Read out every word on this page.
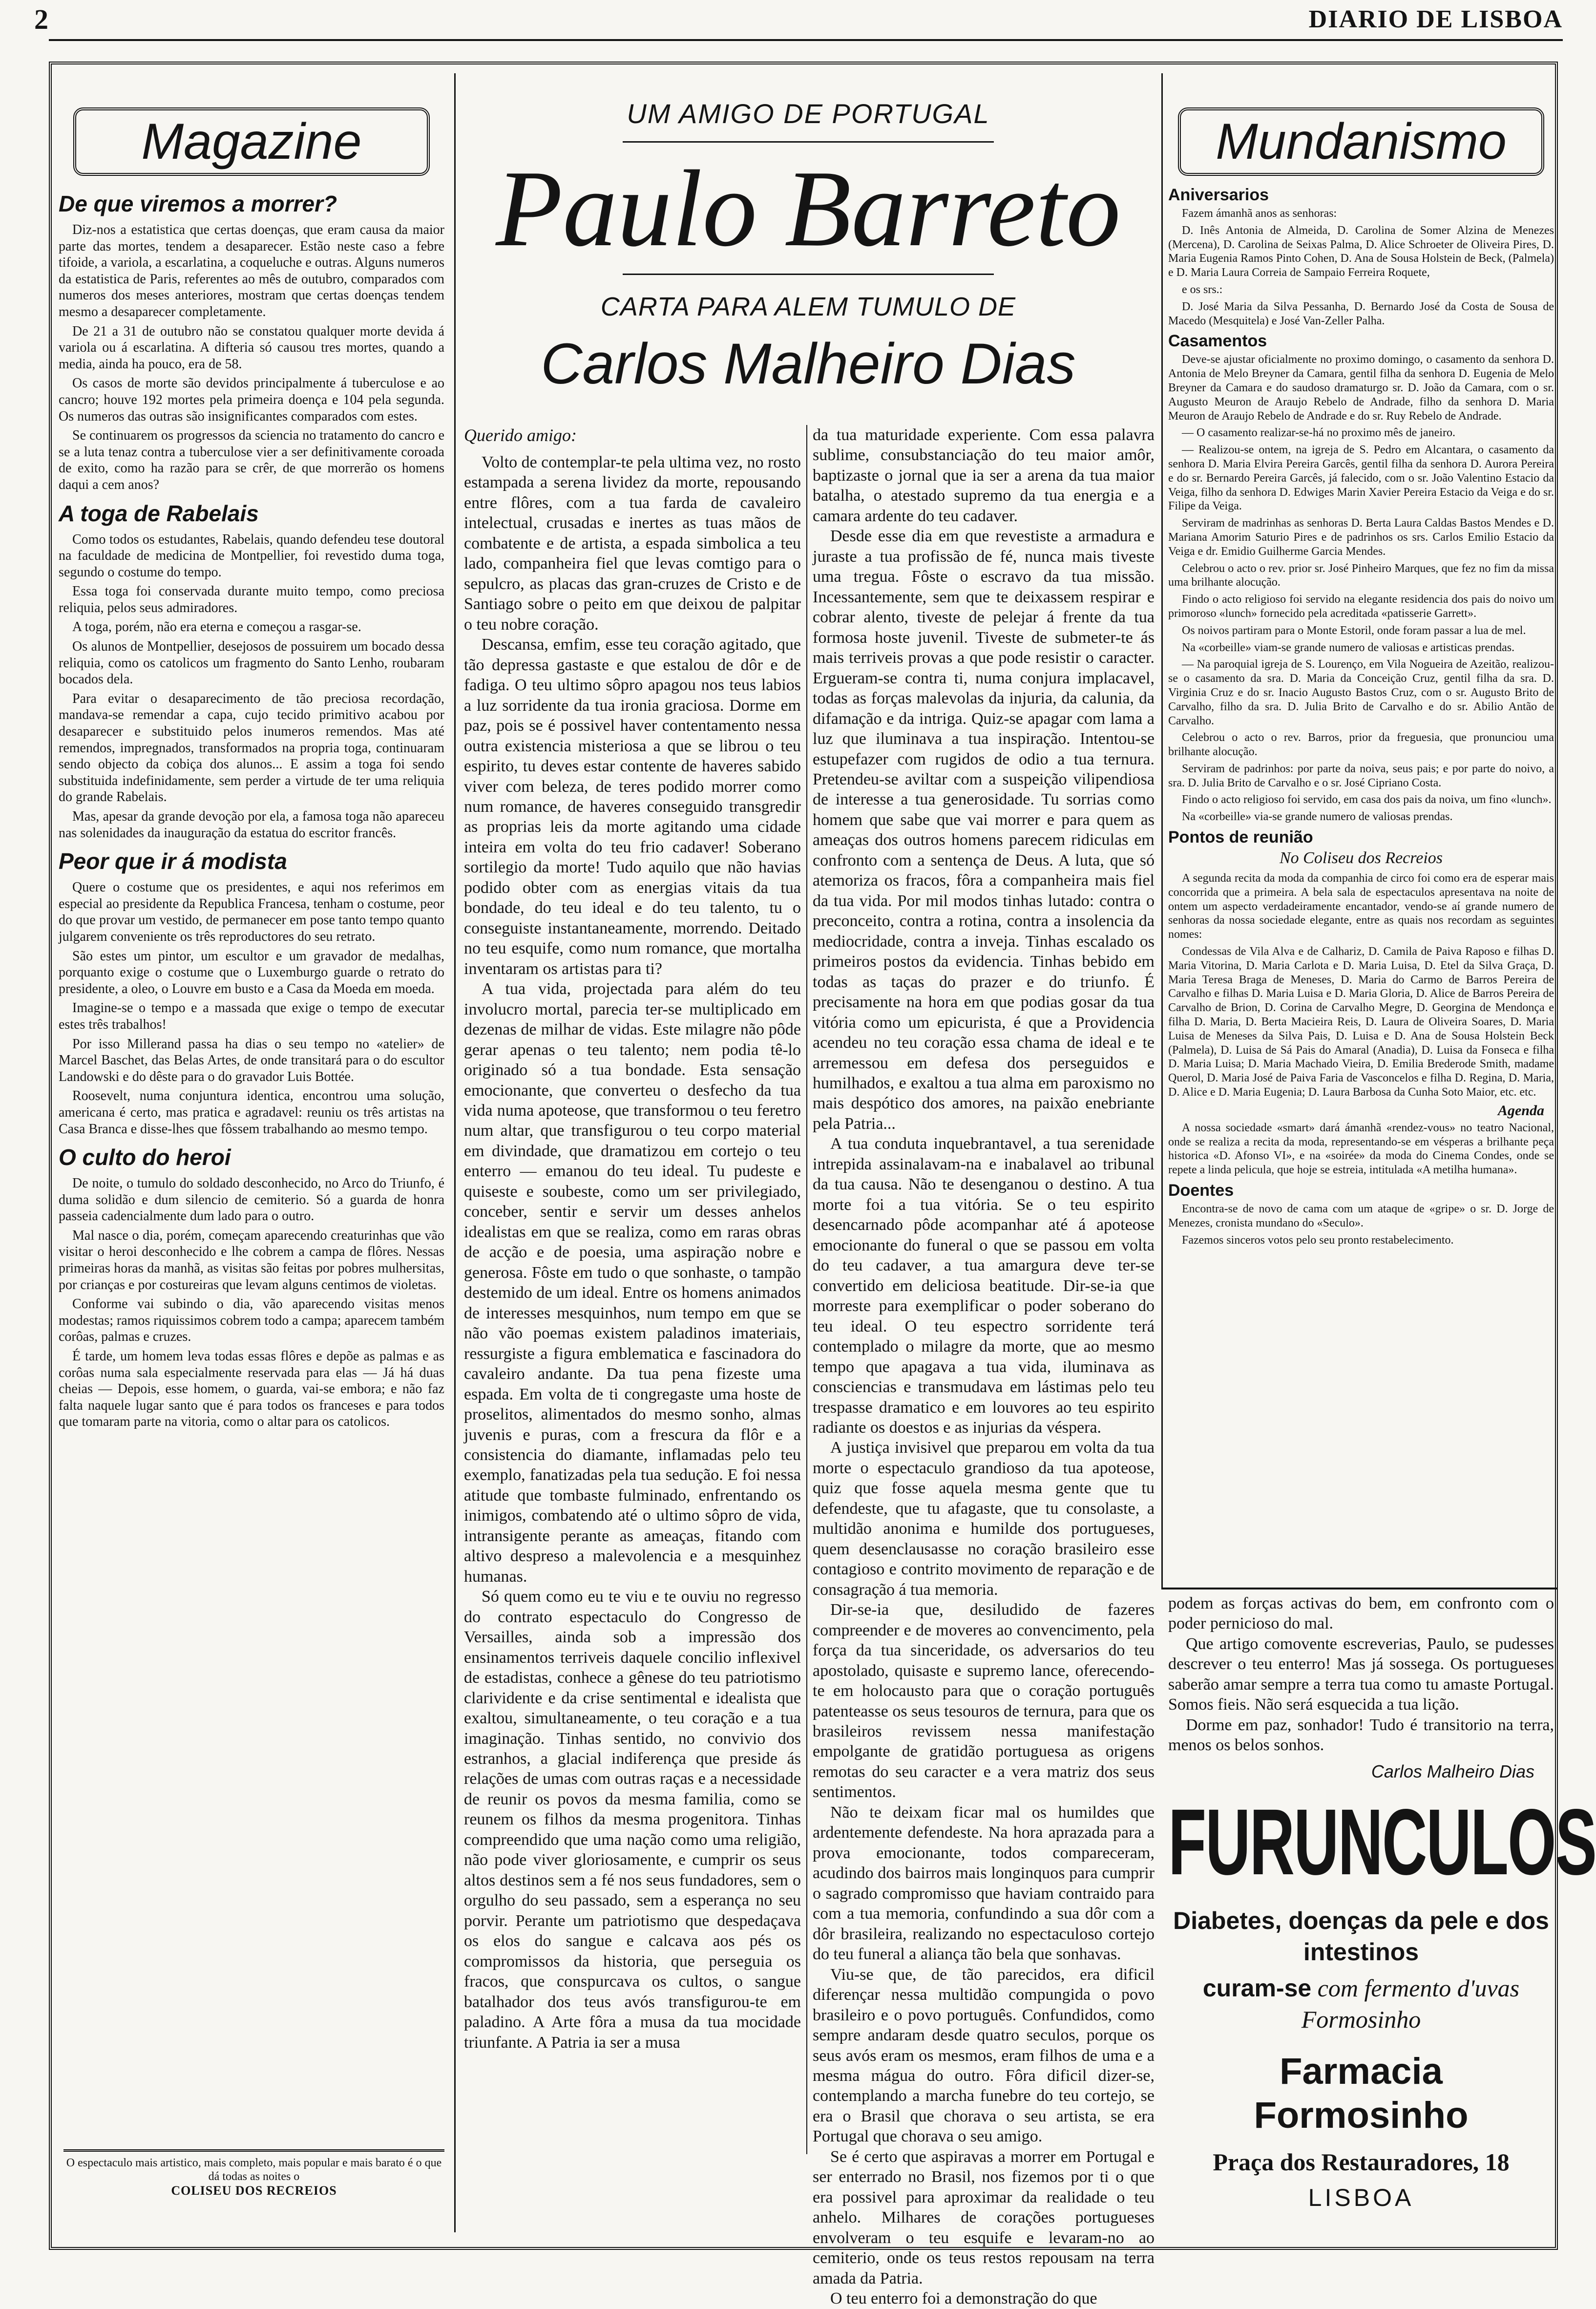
2	DIARIO DE LISBOA
Magazine
De que viremos a morrer?

Diz-nos a estatistica que certas doenças, que eram causa da maior parte das mortes, tendem a desaparecer. Estão neste caso a febre tifoide, a variola, a escarlatina, a coqueluche e outras. Alguns numeros da estatistica de Paris, referentes ao mês de outubro, comparados com numeros dos meses anteriores, mostram que certas doenças tendem mesmo a desaparecer completamente.

De 21 a 31 de outubro não se constatou qualquer morte devida á variola ou á escarlatina. A difteria só causou tres mortes, quando a media, ainda ha pouco, era de 58.

Os casos de morte são devidos principalmente á tuberculose e ao cancro; houve 192 mortes pela primeira doença e 104 pela segunda. Os numeros das outras são insignificantes comparados com estes.

Se continuarem os progressos da sciencia no tratamento do cancro e se a luta tenaz contra a tuberculose vier a ser definitivamente coroada de exito, como ha razão para se crêr, de que morrerão os homens daqui a cem anos?

A toga de Rabelais

Como todos os estudantes, Rabelais, quando defendeu tese doutoral na faculdade de medicina de Montpellier, foi revestido duma toga, segundo o costume do tempo.

Essa toga foi conservada durante muito tempo, como preciosa reliquia, pelos seus admiradores.

A toga, porém, não era eterna e começou a rasgar-se.

Os alunos de Montpellier, desejosos de possuirem um bocado dessa reliquia, como os catolicos um fragmento do Santo Lenho, roubaram bocados dela.

Para evitar o desaparecimento de tão preciosa recordação, mandava-se remendar a capa, cujo tecido primitivo acabou por desaparecer e substituido pelos inumeros remendos. Mas até remendos, impregnados, transformados na propria toga, continuaram sendo objecto da cobiça dos alunos... E assim a toga foi sendo substituida indefinidamente, sem perder a virtude de ter uma reliquia do grande Rabelais.

Mas, apesar da grande devoção por ela, a famosa toga não apareceu nas solenidades da inauguração da estatua do escritor francês.

Peor que ir á modista

Quere o costume que os presidentes, e aqui nos referimos em especial ao presidente da Republica Francesa, tenham o costume, peor do que provar um vestido, de permanecer em pose tanto tempo quanto julgarem conveniente os três reproductores do seu retrato.

São estes um pintor, um escultor e um gravador de medalhas, porquanto exige o costume que o Luxemburgo guarde o retrato do presidente, a oleo, o Louvre em busto e a Casa da Moeda em moeda.

Imagine-se o tempo e a massada que exige o tempo de executar estes três trabalhos!

Por isso Millerand passa ha dias o seu tempo no «atelier» de Marcel Baschet, das Belas Artes, de onde transitará para o do escultor Landowski e do dêste para o do gravador Luis Bottée.

Roosevelt, numa conjuntura identica, encontrou uma solução, americana é certo, mas pratica e agradavel: reuniu os três artistas na Casa Branca e disse-lhes que fôssem trabalhando ao mesmo tempo.

O culto do heroi

De noite, o tumulo do soldado desconhecido, no Arco do Triunfo, é duma solidão e dum silencio de cemiterio. Só a guarda de honra passeia cadencialmente dum lado para o outro.

Mal nasce o dia, porém, começam aparecendo creaturinhas que vão visitar o heroi desconhecido e lhe cobrem a campa de flôres. Nessas primeiras horas da manhã, as visitas são feitas por pobres mulhersitas, por crianças e por costureiras que levam alguns centimos de violetas.

Conforme vai subindo o dia, vão aparecendo visitas menos modestas; ramos riquissimos cobrem todo a campa; aparecem também corôas, palmas e cruzes.

É tarde, um homem leva todas essas flôres e depõe as palmas e as corôas numa sala especialmente reservada para elas — Já há duas cheias — Depois, esse homem, o guarda, vai-se embora; e não faz falta naquele lugar santo que é para todos os franceses e para todos que tomaram parte na vitoria, como o altar para os catolicos.

O espectaculo mais artistico, mais completo, mais popular e mais barato é o que dá todas as noites o
COLISEU DOS RECREIOS
UM AMIGO DE PORTUGAL
Paulo Barreto
CARTA PARA ALEM TUMULO DE
Carlos Malheiro Dias
Querido amigo:

Volto de contemplar-te pela ultima vez, no rosto estampada a serena lividez da morte, repousando entre flôres, com a tua farda de cavaleiro intelectual, crusadas e inertes as tuas mãos de combatente e de artista, a espada simbolica a teu lado, companheira fiel que levas comtigo para o sepulcro, as placas das gran-cruzes de Cristo e de Santiago sobre o peito em que deixou de palpitar o teu nobre coração.

Descansa, emfim, esse teu coração agitado, que tão depressa gastaste e que estalou de dôr e de fadiga. O teu ultimo sôpro apagou nos teus labios a luz sorridente da tua ironia graciosa. Dorme em paz, pois se é possivel haver contentamento nessa outra existencia misteriosa a que se librou o teu espirito, tu deves estar contente de haveres sabido viver com beleza, de teres podido morrer como num romance, de haveres conseguido transgredir as proprias leis da morte agitando uma cidade inteira em volta do teu frio cadaver! Soberano sortilegio da morte! Tudo aquilo que não havias podido obter com as energias vitais da tua bondade, do teu ideal e do teu talento, tu o conseguiste instantaneamente, morrendo. Deitado no teu esquife, como num romance, que mortalha inventaram os artistas para ti?

A tua vida, projectada para além do teu involucro mortal, parecia ter-se multiplicado em dezenas de milhar de vidas. Este milagre não pôde gerar apenas o teu talento; nem podia tê-lo originado só a tua bondade. Esta sensação emocionante, que converteu o desfecho da tua vida numa apoteose, que transformou o teu feretro num altar, que transfigurou o teu corpo material em divindade, que dramatizou em cortejo o teu enterro — emanou do teu ideal. Tu pudeste e quiseste e soubeste, como um ser privilegiado, conceber, sentir e servir um desses anhelos idealistas em que se realiza, como em raras obras de acção e de poesia, uma aspiração nobre e generosa. Fôste em tudo o que sonhaste, o tampão destemido de um ideal. Entre os homens animados de interesses mesquinhos, num tempo em que se não vão poemas existem paladinos imateriais, ressurgiste a figura emblematica e fascinadora do cavaleiro andante. Da tua pena fizeste uma espada. Em volta de ti congregaste uma hoste de proselitos, alimentados do mesmo sonho, almas juvenis e puras, com a frescura da flôr e a consistencia do diamante, inflamadas pelo teu exemplo, fanatizadas pela tua sedução. E foi nessa atitude que tombaste fulminado, enfrentando os inimigos, combatendo até o ultimo sôpro de vida, intransigente perante as ameaças, fitando com altivo despreso a malevolencia e a mesquinhez humanas.

Só quem como eu te viu e te ouviu no regresso do contrato espectaculo do Congresso de Versailles, ainda sob a impressão dos ensinamentos terriveis daquele concilio inflexivel de estadistas, conhece a gênese do teu patriotismo clarividente e da crise sentimental e idealista que exaltou, simultaneamente, o teu coração e a tua imaginação. Tinhas sentido, no convivio dos estranhos, a glacial indiferença que preside ás relações de umas com outras raças e a necessidade de reunir os povos da mesma familia, como se reunem os filhos da mesma progenitora. Tinhas compreendido que uma nação como uma religião, não pode viver gloriosamente, e cumprir os seus altos destinos sem a fé nos seus fundadores, sem o orgulho do seu passado, sem a esperança no seu porvir. Perante um patriotismo que despedaçava os elos do sangue e calcava aos pés os compromissos da historia, que perseguia os fracos, que conspurcava os cultos, o sangue batalhador dos teus avós transfigurou-te em paladino. A Arte fôra a musa da tua mocidade triunfante. A Patria ia ser a musa

da tua maturidade experiente. Com essa palavra sublime, consubstanciação do teu maior amôr, baptizaste o jornal que ia ser a arena da tua maior batalha, o atestado supremo da tua energia e a camara ardente do teu cadaver.

Desde esse dia em que revestiste a armadura e juraste a tua profissão de fé, nunca mais tiveste uma tregua. Fôste o escravo da tua missão. Incessantemente, sem que te deixassem respirar e cobrar alento, tiveste de pelejar á frente da tua formosa hoste juvenil. Tiveste de submeter-te ás mais terriveis provas a que pode resistir o caracter. Ergueram-se contra ti, numa conjura implacavel, todas as forças malevolas da injuria, da calunia, da difamação e da intriga. Quiz-se apagar com lama a luz que iluminava a tua inspiração. Intentou-se estupefazer com rugidos de odio a tua ternura. Pretendeu-se aviltar com a suspeição vilipendiosa de interesse a tua generosidade. Tu sorrias como homem que sabe que vai morrer e para quem as ameaças dos outros homens parecem ridiculas em confronto com a sentença de Deus. A luta, que só atemoriza os fracos, fôra a companheira mais fiel da tua vida. Por mil modos tinhas lutado: contra o preconceito, contra a rotina, contra a insolencia da mediocridade, contra a inveja. Tinhas escalado os primeiros postos da evidencia. Tinhas bebido em todas as taças do prazer e do triunfo. É precisamente na hora em que podias gosar da tua vitória como um epicurista, é que a Providencia acendeu no teu coração essa chama de ideal e te arremessou em defesa dos perseguidos e humilhados, e exaltou a tua alma em paroxismo no mais despótico dos amores, na paixão enebriante pela Patria...

A tua conduta inquebrantavel, a tua serenidade intrepida assinalavam-na e inabalavel ao tribunal da tua causa. Não te desenganou o destino. A tua morte foi a tua vitória. Se o teu espirito desencarnado pôde acompanhar até á apoteose emocionante do funeral o que se passou em volta do teu cadaver, a tua amargura deve ter-se convertido em deliciosa beatitude. Dir-se-ia que morreste para exemplificar o poder soberano do teu ideal. O teu espectro sorridente terá contemplado o milagre da morte, que ao mesmo tempo que apagava a tua vida, iluminava as consciencias e transmudava em lástimas pelo teu trespasse dramatico e em louvores ao teu espirito radiante os doestos e as injurias da véspera.

A justiça invisivel que preparou em volta da tua morte o espectaculo grandioso da tua apoteose, quiz que fosse aquela mesma gente que tu defendeste, que tu afagaste, que tu consolaste, a multidão anonima e humilde dos portugueses, quem desenclausasse no coração brasileiro esse contagioso e contrito movimento de reparação e de consagração á tua memoria.

Dir-se-ia que, desiludido de fazeres compreender e de moveres ao convencimento, pela força da tua sinceridade, os adversarios do teu apostolado, quisaste e supremo lance, oferecendo-te em holocausto para que o coração português patenteasse os seus tesouros de ternura, para que os brasileiros revissem nessa manifestação empolgante de gratidão portuguesa as origens remotas do seu caracter e a vera matriz dos seus sentimentos.

Não te deixam ficar mal os humildes que ardentemente defendeste. Na hora aprazada para a prova emocionante, todos compareceram, acudindo dos bairros mais longinquos para cumprir o sagrado compromisso que haviam contraido para com a tua memoria, confundindo a sua dôr com a dôr brasileira, realizando no espectaculoso cortejo do teu funeral a aliança tão bela que sonhavas.

Viu-se que, de tão parecidos, era dificil diferençar nessa multidão compungida o povo brasileiro e o povo português. Confundidos, como sempre andaram desde quatro seculos, porque os seus avós eram os mesmos, eram filhos de uma e a mesma mágua do outro. Fôra dificil dizer-se, contemplando a marcha funebre do teu cortejo, se era o Brasil que chorava o seu artista, se era Portugal que chorava o seu amigo.

Se é certo que aspiravas a morrer em Portugal e ser enterrado no Brasil, nos fizemos por ti o que era possivel para aproximar da realidade o teu anhelo. Milhares de corações portugueses envolveram o teu esquife e levaram-no ao cemiterio, onde os teus restos repousam na terra amada da Patria.

O teu enterro foi a demonstração do que

Mundanismo
Aniversarios

Fazem ámanhã anos as senhoras:

D. Inês Antonia de Almeida, D. Carolina de Somer Alzina de Menezes (Mercena), D. Carolina de Seixas Palma, D. Alice Schroeter de Oliveira Pires, D. Maria Eugenia Ramos Pinto Cohen, D. Ana de Sousa Holstein de Beck, (Palmela) e D. Maria Laura Correia de Sampaio Ferreira Roquete,

e os srs.:

D. José Maria da Silva Pessanha, D. Bernardo José da Costa de Sousa de Macedo (Mesquitela) e José Van-Zeller Palha.

Casamentos

Deve-se ajustar oficialmente no proximo domingo, o casamento da senhora D. Antonia de Melo Breyner da Camara, gentil filha da senhora D. Eugenia de Melo Breyner da Camara e do saudoso dramaturgo sr. D. João da Camara, com o sr. Augusto Meuron de Araujo Rebelo de Andrade, filho da senhora D. Maria Meuron de Araujo Rebelo de Andrade e do sr. Ruy Rebelo de Andrade.

— O casamento realizar-se-há no proximo mês de janeiro.

— Realizou-se ontem, na igreja de S. Pedro em Alcantara, o casamento da senhora D. Maria Elvira Pereira Garcês, gentil filha da senhora D. Aurora Pereira e do sr. Bernardo Pereira Garcês, já falecido, com o sr. João Valentino Estacio da Veiga, filho da senhora D. Edwiges Marin Xavier Pereira Estacio da Veiga e do sr. Filipe da Veiga.

Serviram de madrinhas as senhoras D. Berta Laura Caldas Bastos Mendes e D. Mariana Amorim Saturio Pires e de padrinhos os srs. Carlos Emilio Estacio da Veiga e dr. Emidio Guilherme Garcia Mendes.

Celebrou o acto o rev. prior sr. José Pinheiro Marques, que fez no fim da missa uma brilhante alocução.

Findo o acto religioso foi servido na elegante residencia dos pais do noivo um primoroso «lunch» fornecido pela acreditada «patisserie Garrett».

Os noivos partiram para o Monte Estoril, onde foram passar a lua de mel.

Na «corbeille» viam-se grande numero de valiosas e artisticas prendas.

— Na paroquial igreja de S. Lourenço, em Vila Nogueira de Azeitão, realizou-se o casamento da sra. D. Maria da Conceição Cruz, gentil filha da sra. D. Virginia Cruz e do sr. Inacio Augusto Bastos Cruz, com o sr. Augusto Brito de Carvalho, filho da sra. D. Julia Brito de Carvalho e do sr. Abilio Antão de Carvalho.

Celebrou o acto o rev. Barros, prior da freguesia, que pronunciou uma brilhante alocução.

Serviram de padrinhos: por parte da noiva, seus pais; e por parte do noivo, a sra. D. Julia Brito de Carvalho e o sr. José Cipriano Costa.

Findo o acto religioso foi servido, em casa dos pais da noiva, um fino «lunch».

Na «corbeille» via-se grande numero de valiosas prendas.

Pontos de reunião
No Coliseu dos Recreios

A segunda recita da moda da companhia de circo foi como era de esperar mais concorrida que a primeira. A bela sala de espectaculos apresentava na noite de ontem um aspecto verdadeiramente encantador, vendo-se aí grande numero de senhoras da nossa sociedade elegante, entre as quais nos recordam as seguintes nomes:

Condessas de Vila Alva e de Calhariz, D. Camila de Paiva Raposo e filhas D. Maria Vitorina, D. Maria Carlota e D. Maria Luisa, D. Etel da Silva Graça, D. Maria Teresa Braga de Meneses, D. Maria do Carmo de Barros Pereira de Carvalho e filhas D. Maria Luisa e D. Maria Gloria, D. Alice de Barros Pereira de Carvalho de Brion, D. Corina de Carvalho Megre, D. Georgina de Mendonça e filha D. Maria, D. Berta Macieira Reis, D. Laura de Oliveira Soares, D. Maria Luisa de Meneses da Silva Pais, D. Luisa e D. Ana de Sousa Holstein Beck (Palmela), D. Luisa de Sá Pais do Amaral (Anadia), D. Luisa da Fonseca e filha D. Maria Luisa; D. Maria Machado Vieira, D. Emilia Brederode Smith, madame Querol, D. Maria José de Paiva Faria de Vasconcelos e filha D. Regina, D. Maria, D. Alice e D. Maria Eugenia; D. Laura Barbosa da Cunha Soto Maior, etc. etc.

Agenda

A nossa sociedade «smart» dará ámanhã «rendez-vous» no teatro Nacional, onde se realiza a recita da moda, representando-se em vésperas a brilhante peça historica «D. Afonso VI», e na «soirée» da moda do Cinema Condes, onde se repete a linda pelicula, que hoje se estreia, intitulada «A metilha humana».

Doentes

Encontra-se de novo de cama com um ataque de «gripe» o sr. D. Jorge de Menezes, cronista mundano do «Seculo».

Fazemos sinceros votos pelo seu pronto restabelecimento.

podem as forças activas do bem, em confronto com o poder pernicioso do mal.

Que artigo comovente escreverias, Paulo, se pudesses descrever o teu enterro! Mas já sossega. Os portugueses saberão amar sempre a terra tua como tu amaste Portugal. Somos fieis. Não será esquecida a tua lição.

Dorme em paz, sonhador! Tudo é transitorio na terra, menos os belos sonhos.

Carlos Malheiro Dias
FURUNCULOS
Diabetes, doenças da pele e dos
intestinos
curam-se com fermento d'uvas
Formosinho
Farmacia Formosinho
Praça dos Restauradores, 18
LISBOA
